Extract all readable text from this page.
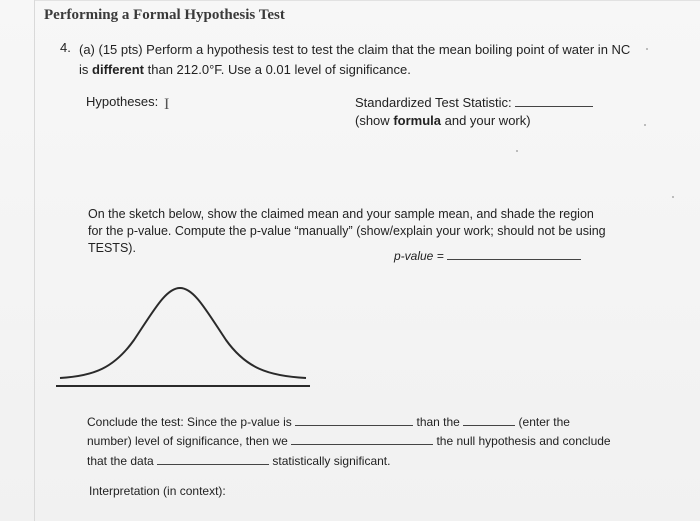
Performing a Formal Hypothesis Test
4. (a) (15 pts) Perform a hypothesis test to test the claim that the mean boiling point of water in NC is different than 212.0°F. Use a 0.01 level of significance.
Hypotheses: I	Standardized Test Statistic:
(show formula and your work)
On the sketch below, show the claimed mean and your sample mean, and shade the region for the p-value. Compute the p-value “manually” (show/explain your work; should not be using TESTS).
p-value =
Conclude the test: Since the p-value is	than the	(enter the
number) level of significance, then we	the null hypothesis and conclude
that the data	statistically significant.
Interpretation (in context):
